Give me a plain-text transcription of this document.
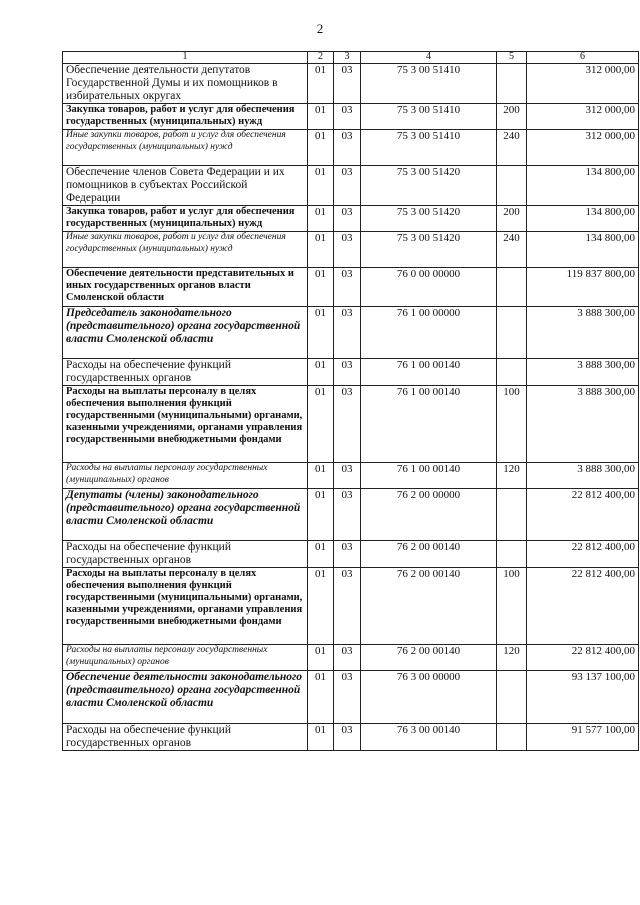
2
1	2	3	4	5	6
Обеспечение деятельности депутатов Государственной Думы и их помощников в избирательных округах	01	03	75 3 00 51410		312 000,00
Закупка товаров, работ и услуг для обеспечения государственных (муниципальных) нужд	01	03	75 3 00 51410	200	312 000,00
Иные закупки товаров, работ и услуг для обеспечения государственных (муниципальных) нужд	01	03	75 3 00 51410	240	312 000,00
Обеспечение членов Совета Федерации и их помощников в субъектах Российской Федерации	01	03	75 3 00 51420		134 800,00
Закупка товаров, работ и услуг для обеспечения государственных (муниципальных) нужд	01	03	75 3 00 51420	200	134 800,00
Иные закупки товаров, работ и услуг для обеспечения государственных (муниципальных) нужд	01	03	75 3 00 51420	240	134 800,00
Обеспечение деятельности представительных и иных государственных органов власти Смоленской области	01	03	76 0 00 00000		119 837 800,00
Председатель законодательного (представительного) органа государственной власти Смоленской области	01	03	76 1 00 00000		3 888 300,00
Расходы на обеспечение функций государственных органов	01	03	76 1 00 00140		3 888 300,00
Расходы на выплаты персоналу в целях обеспечения выполнения функций государственными (муниципальными) органами, казенными учреждениями, органами управления государственными внебюджетными фондами	01	03	76 1 00 00140	100	3 888 300,00
Расходы на выплаты персоналу государственных (муниципальных) органов	01	03	76 1 00 00140	120	3 888 300,00
Депутаты (члены) законодательного (представительного) органа государственной власти Смоленской области	01	03	76 2 00 00000		22 812 400,00
Расходы на обеспечение функций государственных органов	01	03	76 2 00 00140		22 812 400,00
Расходы на выплаты персоналу в целях обеспечения выполнения функций государственными (муниципальными) органами, казенными учреждениями, органами управления государственными внебюджетными фондами	01	03	76 2 00 00140	100	22 812 400,00
Расходы на выплаты персоналу государственных (муниципальных) органов	01	03	76 2 00 00140	120	22 812 400,00
Обеспечение деятельности законодательного (представительного) органа государственной власти Смоленской области	01	03	76 3 00 00000		93 137 100,00
Расходы на обеспечение функций государственных органов	01	03	76 3 00 00140		91 577 100,00
